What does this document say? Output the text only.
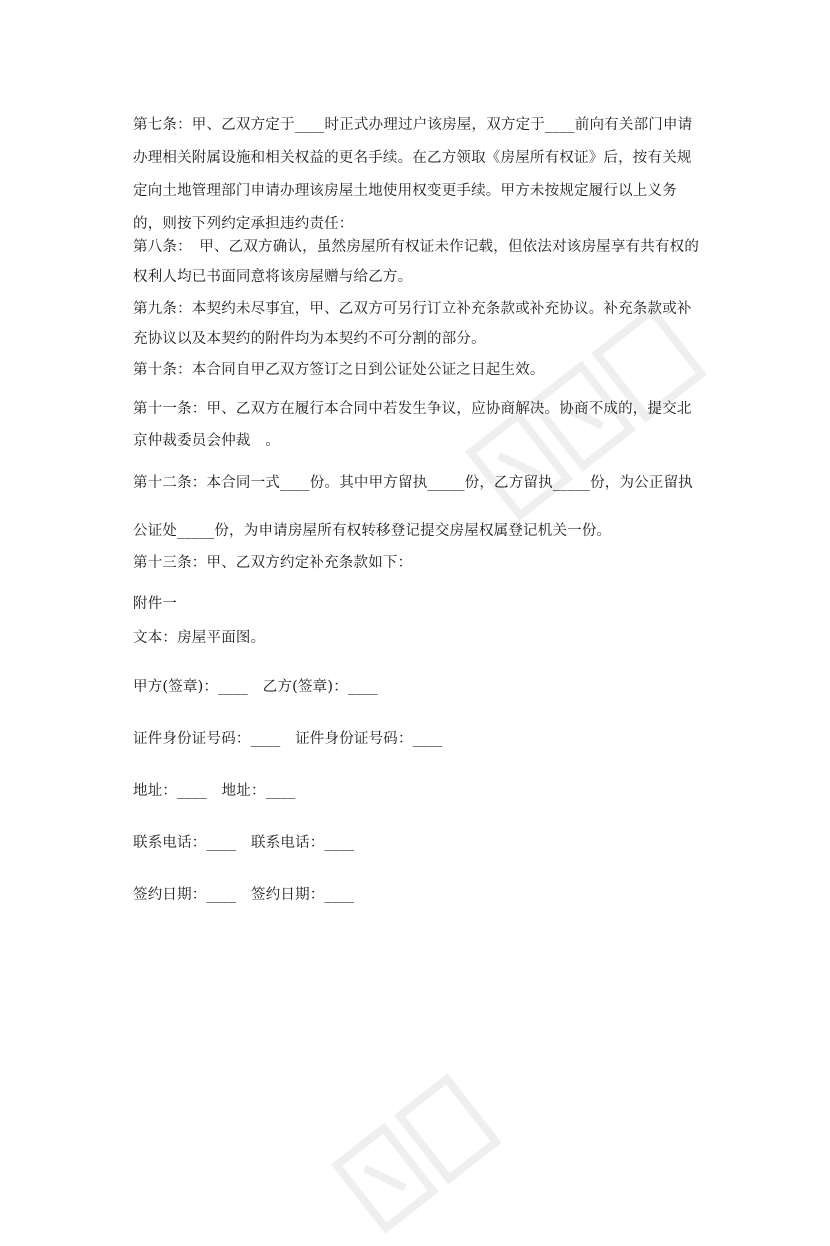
第七条：甲、乙双方定于____时正式办理过户该房屋，双方定于____前向有关部门申请办理相关附属设施和相关权益的更名手续。在乙方领取《房屋所有权证》后，按有关规定向土地管理部门申请办理该房屋土地使用权变更手续。甲方未按规定履行以上义务的，则按下列约定承担违约责任：

第八条：　甲、乙双方确认，虽然房屋所有权证未作记载，但依法对该房屋享有共有权的权利人均已书面同意将该房屋赠与给乙方。

第九条：本契约未尽事宜，甲、乙双方可另行订立补充条款或补充协议。补充条款或补充协议以及本契约的附件均为本契约不可分割的部分。

第十条：本合同自甲乙双方签订之日到公证处公证之日起生效。

第十一条：甲、乙双方在履行本合同中若发生争议，应协商解决。协商不成的，提交北京仲裁委员会仲裁　。

第十二条：本合同一式____份。其中甲方留执_____份，乙方留执_____份，为公正留执公证处_____份，为申请房屋所有权转移登记提交房屋权属登记机关一份。

第十三条：甲、乙双方约定补充条款如下：

附件一

文本：房屋平面图。

甲方(签章)：____　乙方(签章)：____

证件身份证号码：____　证件身份证号码：____

地址：____　地址：____

联系电话：____　联系电话：____

签约日期：____　签约日期：____
